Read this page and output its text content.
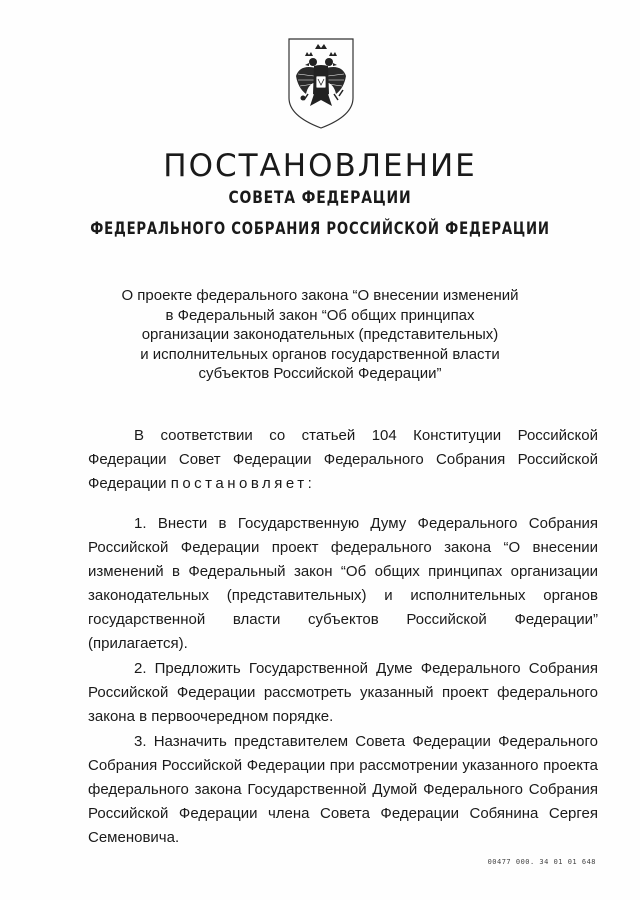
ПОСТАНОВЛЕНИЕ
СОВЕТА ФЕДЕРАЦИИ
ФЕДЕРАЛЬНОГО СОБРАНИЯ РОССИЙСКОЙ ФЕДЕРАЦИИ
О проекте федерального закона “О внесении изменений
в Федеральный закон “Об общих принципах
организации законодательных (представительных)
и исполнительных органов государственной власти
субъектов Российской Федерации”
В соответствии со статьей 104 Конституции Российской Федерации Совет Федерации Федерального Собрания Российской Федерации постановляет:
1. Внести в Государственную Думу Федерального Собрания Российской Федерации проект федерального закона “О внесении изменений в Федеральный закон “Об общих принципах организации законодательных (представительных) и исполнительных органов государственной власти субъектов Российской Федерации” (прилагается).
2. Предложить Государственной Думе Федерального Собрания Российской Федерации рассмотреть указанный проект федерального закона в первоочередном порядке.
3. Назначить представителем Совета Федерации Федерального Собрания Российской Федерации при рассмотрении указанного проекта федерального закона Государственной Думой Федерального Собрания Российской Федерации члена Совета Федерации Собянина Сергея Семеновича.
00477 000. 34 01 01 648
